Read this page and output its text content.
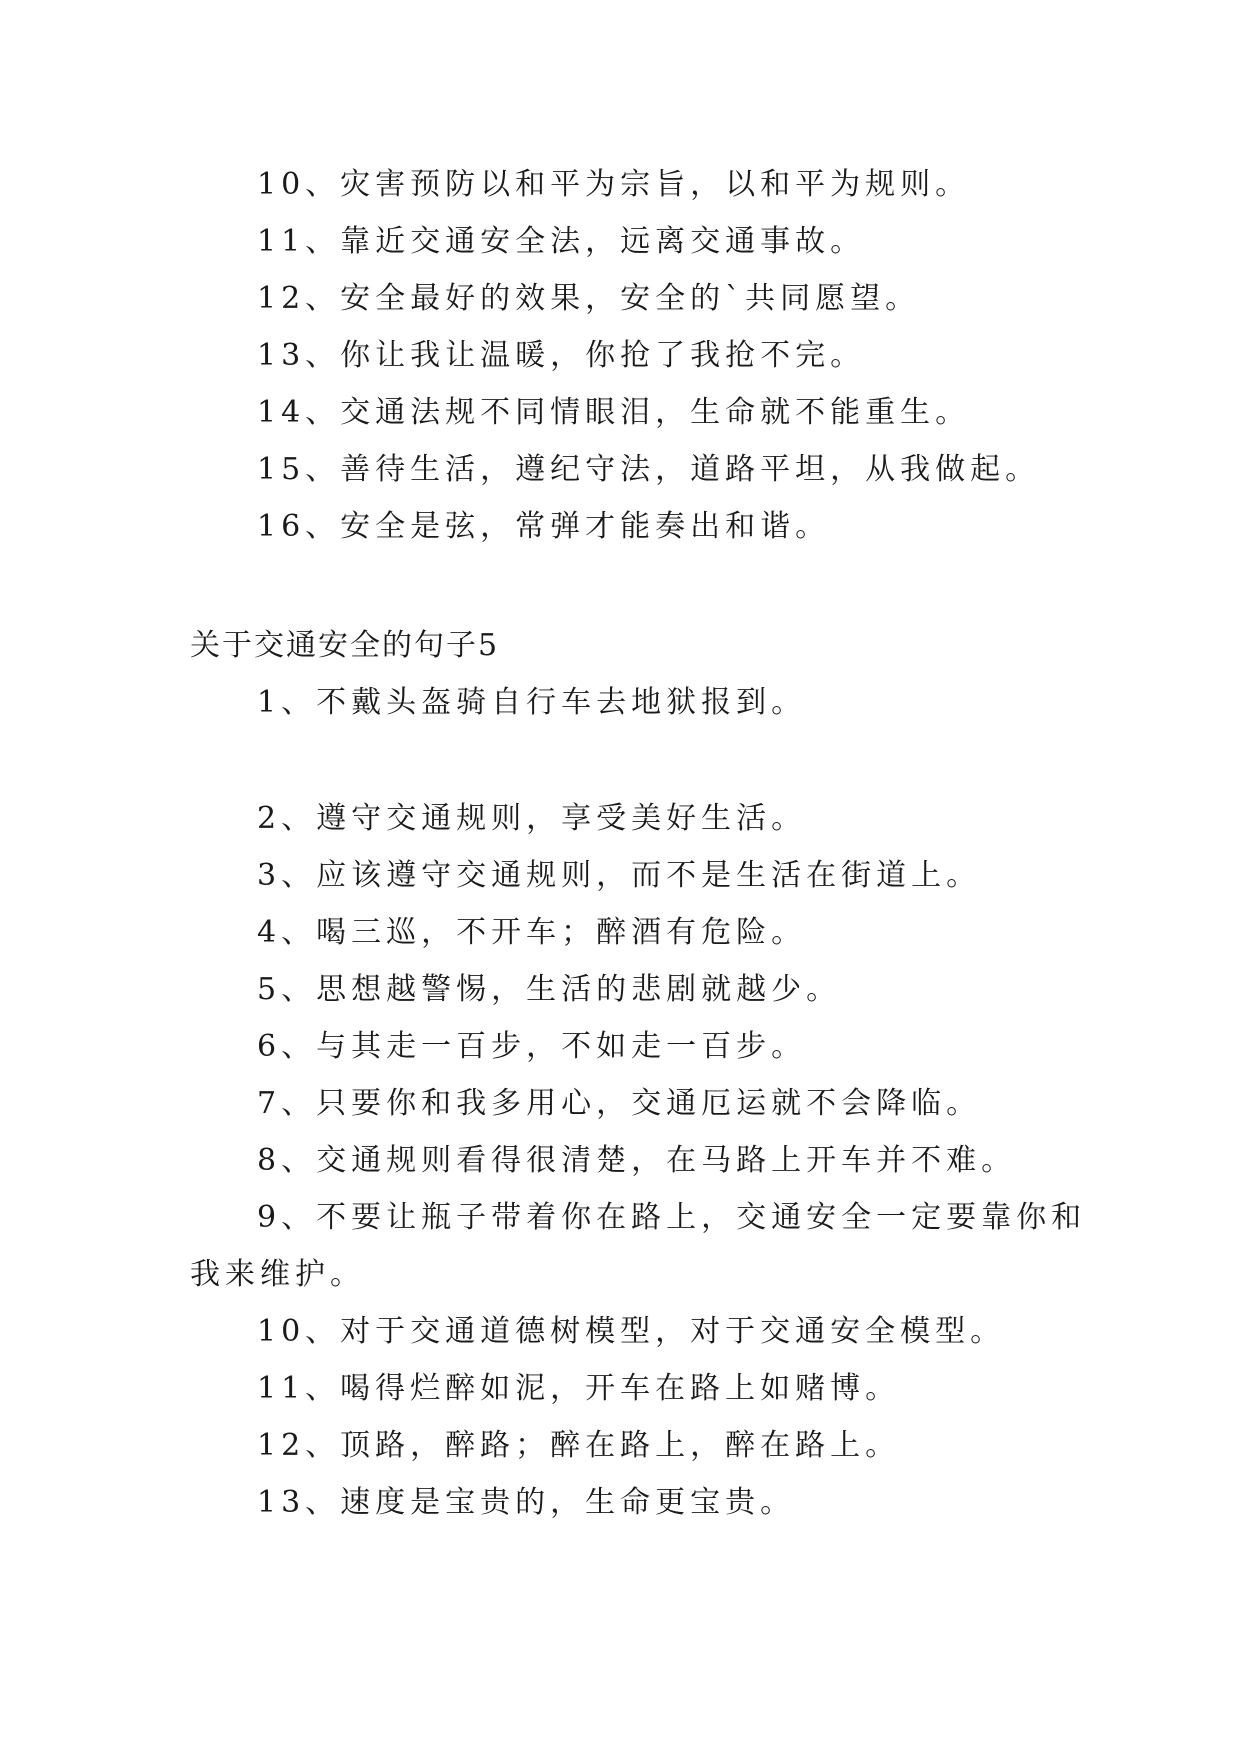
10、灾害预防以和平为宗旨，以和平为规则。
11、靠近交通安全法，远离交通事故。
12、安全最好的效果，安全的`共同愿望。
13、你让我让温暖，你抢了我抢不完。
14、交通法规不同情眼泪，生命就不能重生。
15、善待生活，遵纪守法，道路平坦，从我做起。
16、安全是弦，常弹才能奏出和谐。
关于交通安全的句子5
1、不戴头盔骑自行车去地狱报到。
2、遵守交通规则，享受美好生活。
3、应该遵守交通规则，而不是生活在街道上。
4、喝三巡，不开车；醉酒有危险。
5、思想越警惕，生活的悲剧就越少。
6、与其走一百步，不如走一百步。
7、只要你和我多用心，交通厄运就不会降临。
8、交通规则看得很清楚，在马路上开车并不难。
9、不要让瓶子带着你在路上，交通安全一定要靠你和
我来维护。
10、对于交通道德树模型，对于交通安全模型。
11、喝得烂醉如泥，开车在路上如赌博。
12、顶路，醉路；醉在路上，醉在路上。
13、速度是宝贵的，生命更宝贵。
